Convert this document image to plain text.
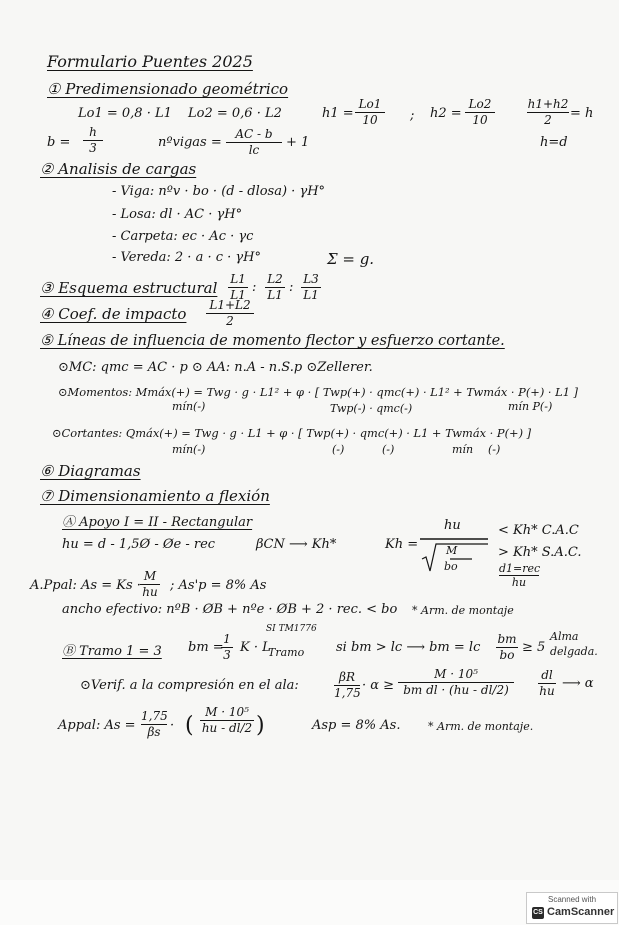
Formulario Puentes 2025
① Predimensionado geométrico
Lo1 = 0,8 · L1 Lo2 = 0,6 · L2	$h1 = \frac{Lo1}{10}$ ; $h2 = \frac{Lo2}{10}$	$\frac{h1+h2}{2} = h$
$b = \frac{h}{3}$	nºvigas = $\frac{AC - b}{lc} + 1$	h=d
② Analisis de cargas
- Viga: nºv · bo · (d - dlosa) · γH°
- Losa: dl · AC · γH°
- Carpeta: ec · Ac · γc
- Vereda: 2 · a · c · γH°	Σ = g.
③ Esquema estructural $\frac{L1}{L1}$ : $\frac{L2}{L1}$ : $\frac{L3}{L1}$
④ Coef. de impacto $\frac{L1+L2}{2}$
⑤ Líneas de influencia de momento flector y esfuerzo cortante.
⊙MC: qmc = AC · p ⊙ AA: n.A - n.S.p ⊙Zellerer.
⊙Momentos: Mmáx(+) = Twg · g · L1² + φ · [ Twp(+) · qmc(+) · L1² + Twmáx · P(+) · L1 ]
mín(-)	Twp(-) · qmc(-)	mín P(-)
⊙Cortantes: Qmáx(+) = Twg · g · L1 + φ · [ Twp(+) · qmc(+) · L1 + Twmáx · P(+) ]
mín(-)	(-)	(-)	mín (-)
⑥ Diagramas
⑦ Dimensionamiento a flexión
Ⓐ Apoyo I = II - Rectangular
hu = d - 1,5Ø - Øe - rec	βCN ⟶ Kh*	Kh =
hu
M
bo
< Kh* C.A.C
> Kh* S.A.C.
d1=rec
hu
A.Ppal: $As = Ks \cdot \frac{M}{hu}$ ; As'p = 8% As
ancho efectivo: nºB · ØB + nºe · ØB + 2 · rec. < bo * Arm. de montaje
Ⓑ Tramo 1 = 3 bm =
$\frac{1}{3}$ K · L
SI TM1776
Tramo si bm > lc ⟶ bm = lc $\frac{bm}{bo} \ge 5$
Alma
delgada.
⊙Verif. a la compresión en el ala:	$\frac{\beta R}{1,75} \cdot \alpha \ge \frac{\text{M · 10⁵}}{\text{bm dl · (hu - dl/2)}} \frac{dl}{hu}$ ⟶ α
Appal: $As = \frac{1,75}{\beta s}$ · ( $\frac{\text{M · 10⁵}}{hu - dl/2}$ )	Asp = 8% As.	* Arm. de montaje.
Scanned with
CS CamScanner
